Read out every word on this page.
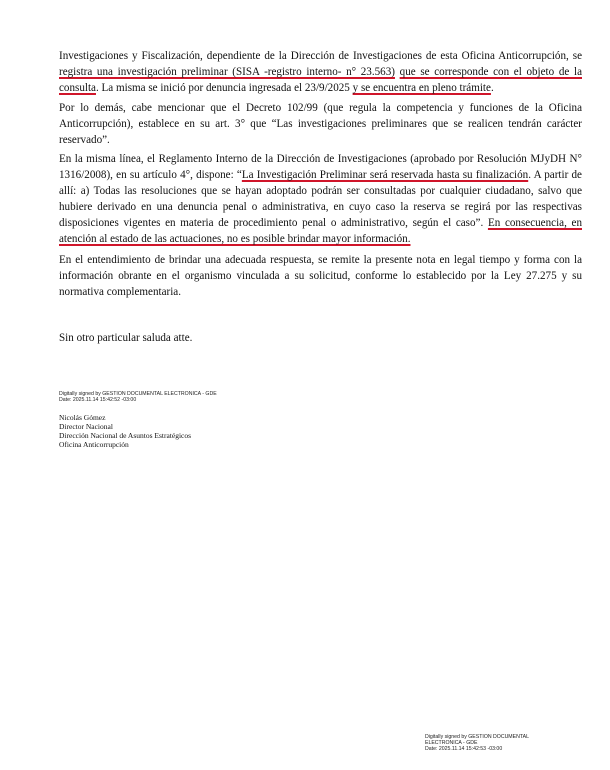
Investigaciones y Fiscalización, dependiente de la Dirección de Investigaciones de esta Oficina Anticorrupción, se registra una investigación preliminar (SISA -registro interno- n° 23.563) que se corresponde con el objeto de la consulta. La misma se inició por denuncia ingresada el 23/9/2025 y se encuentra en pleno trámite.

Por lo demás, cabe mencionar que el Decreto 102/99 (que regula la competencia y funciones de la Oficina Anticorrupción), establece en su art. 3° que “Las investigaciones preliminares que se realicen tendrán carácter reservado”.

En la misma línea, el Reglamento Interno de la Dirección de Investigaciones (aprobado por Resolución MJyDH N° 1316/2008), en su artículo 4°, dispone: “La Investigación Preliminar será reservada hasta su finalización. A partir de allí: a) Todas las resoluciones que se hayan adoptado podrán ser consultadas por cualquier ciudadano, salvo que hubiere derivado en una denuncia penal o administrativa, en cuyo caso la reserva se regirá por las respectivas disposiciones vigentes en materia de procedimiento penal o administrativo, según el caso”. En consecuencia, en atención al estado de las actuaciones, no es posible brindar mayor información.

En el entendimiento de brindar una adecuada respuesta, se remite la presente nota en legal tiempo y forma con la información obrante en el organismo vinculada a su solicitud, conforme lo establecido por la Ley 27.275 y su normativa complementaria.

Sin otro particular saluda atte.

Digitally signed by GESTION DOCUMENTAL ELECTRONICA - GDE
Date: 2025.11.14 15:42:52 -03:00
Nicolás Gómez
Director Nacional
Dirección Nacional de Asuntos Estratégicos
Oficina Anticorrupción
Digitally signed by GESTION DOCUMENTAL
ELECTRONICA - GDE
Date: 2025.11.14 15:42:53 -03:00
